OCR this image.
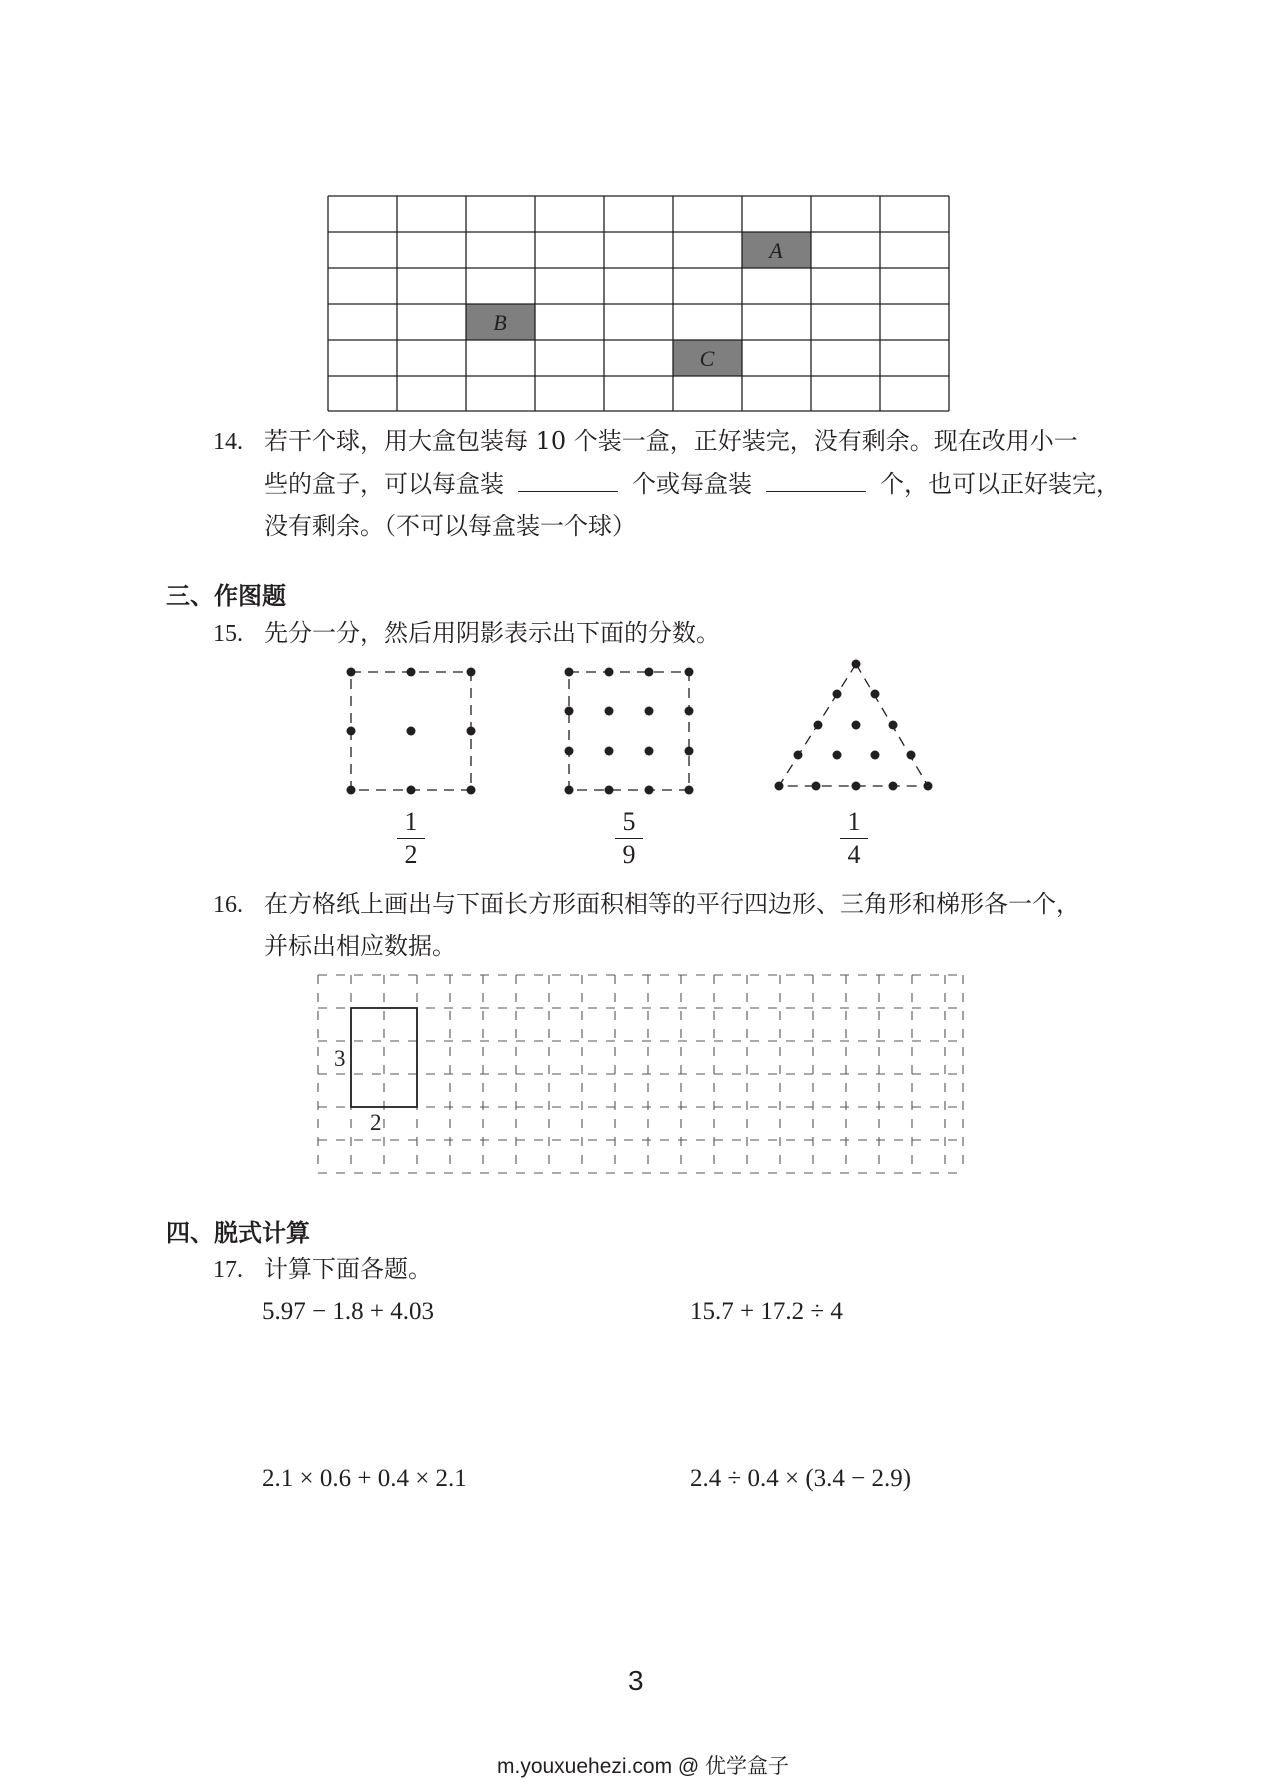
A
B
C
14. 若干个球，用大盒包装每 10 个装一盒，正好装完，没有剩余。现在改用小一
些的盒子，可以每盒装	个或每盒装	个，也可以正好装完，
没有剩余。（不可以每盒装一个球）
三、作图题
15. 先分一分，然后用阴影表示出下面的分数。
1
2
5
9
1
4
16. 在方格纸上画出与下面长方形面积相等的平行四边形、三角形和梯形各一个，
并标出相应数据。
3
2
四、脱式计算
17. 计算下面各题。
5.97 − 1.8 + 4.03	15.7 + 17.2 ÷ 4
2.1 × 0.6 + 0.4 × 2.1	2.4 ÷ 0.4 × (3.4 − 2.9)
3
m.youxuehezi.com @ 优学盒子
